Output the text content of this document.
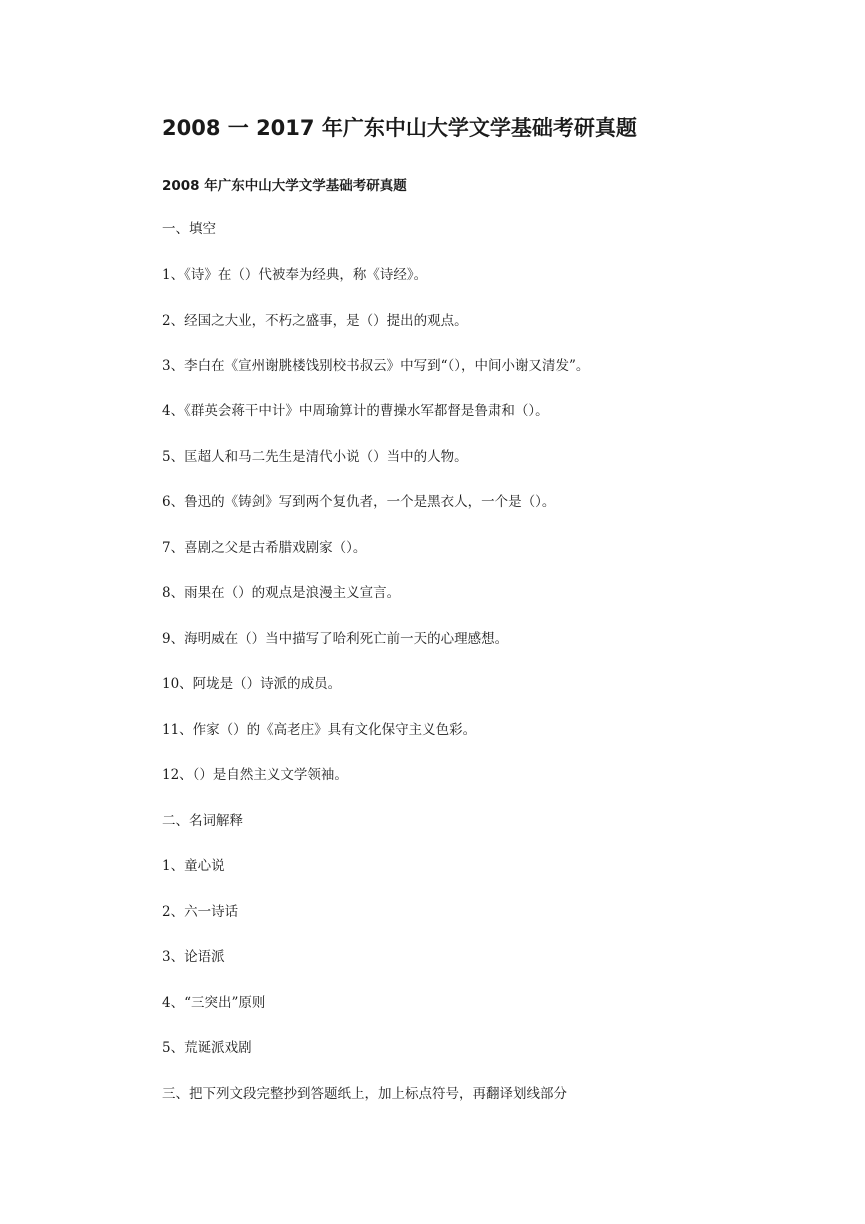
2008 一 2017 年广东中山大学文学基础考研真题
2008 年广东中山大学文学基础考研真题
一、填空
1、《诗》在（）代被奉为经典，称《诗经》。
2、经国之大业，不朽之盛事，是（）提出的观点。
3、李白在《宣州谢朓楼饯别校书叔云》中写到“（），中间小谢又清发”。
4、《群英会蒋干中计》中周瑜算计的曹操水军都督是鲁肃和（）。
5、匡超人和马二先生是清代小说（）当中的人物。
6、鲁迅的《铸剑》写到两个复仇者，一个是黑衣人，一个是（）。
7、喜剧之父是古希腊戏剧家（）。
8、雨果在（）的观点是浪漫主义宣言。
9、海明威在（）当中描写了哈利死亡前一天的心理感想。
10、阿垅是（）诗派的成员。
11、作家（）的《高老庄》具有文化保守主义色彩。
12、（）是自然主义文学领袖。
二、名词解释
1、童心说
2、六一诗话
3、论语派
4、“三突出”原则
5、荒诞派戏剧
三、把下列文段完整抄到答题纸上，加上标点符号，再翻译划线部分
